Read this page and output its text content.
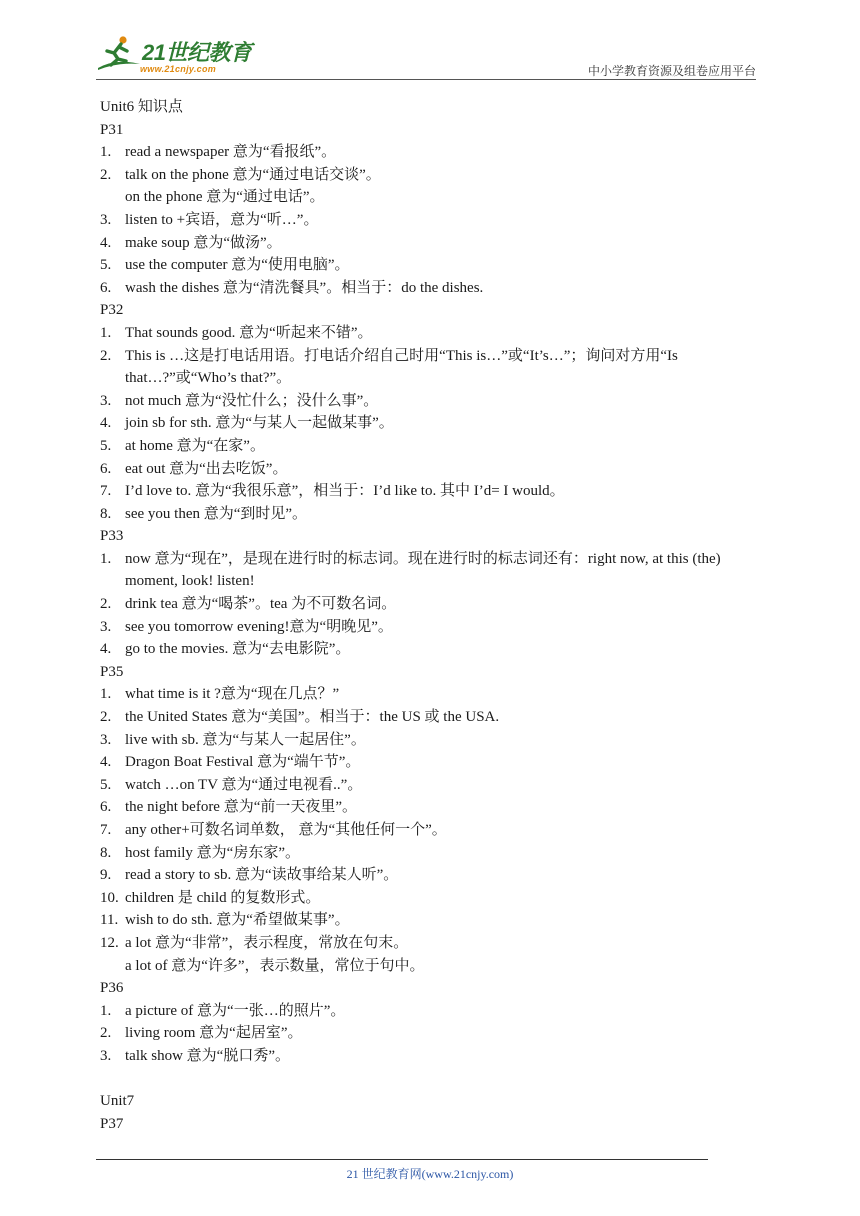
21世纪教育
www.21cnjy.com	中小学教育资源及组卷应用平台
Unit6 知识点
P31
1. read a newspaper 意为“看报纸”。
2. talk on the phone 意为“通过电话交谈”。
on the phone 意为“通过电话”。
3. listen to +宾语，意为“听…”。
4. make soup 意为“做汤”。
5. use the computer 意为“使用电脑”。
6. wash the dishes 意为“清洗餐具”。相当于：do the dishes.
P32
1. That sounds good. 意为“听起来不错”。
2. This is …这是打电话用语。打电话介绍自己时用“This is…”或“It’s…”；询问对方用“Is that…?”或“Who’s that?”。
3. not much 意为“没忙什么；没什么事”。
4. join sb for sth. 意为“与某人一起做某事”。
5. at home 意为“在家”。
6. eat out 意为“出去吃饭”。
7. I’d love to. 意为“我很乐意”，相当于：I’d like to. 其中 I’d= I would。
8. see you then 意为“到时见”。
P33
1. now 意为“现在”，是现在进行时的标志词。现在进行时的标志词还有：right now, at this (the) moment, look! listen!
2. drink tea 意为“喝茶”。tea 为不可数名词。
3. see you tomorrow evening!意为“明晚见”。
4. go to the movies. 意为“去电影院”。
P35
1. what time is it ?意为“现在几点？”
2. the United States 意为“美国”。相当于：the US 或 the USA.
3. live with sb. 意为“与某人一起居住”。
4. Dragon Boat Festival 意为“端午节”。
5. watch …on TV 意为“通过电视看..”。
6. the night before 意为“前一天夜里”。
7. any other+可数名词单数， 意为“其他任何一个”。
8. host family 意为“房东家”。
9. read a story to sb. 意为“读故事给某人听”。
10. children 是 child 的复数形式。
11. wish to do sth. 意为“希望做某事”。
12. a lot 意为“非常”，表示程度，常放在句末。
a lot of 意为“许多”，表示数量，常位于句中。
P36
1. a picture of 意为“一张…的照片”。
2. living room 意为“起居室”。
3. talk show 意为“脱口秀”。
Unit7
P37
21 世纪教育网(www.21cnjy.com)
